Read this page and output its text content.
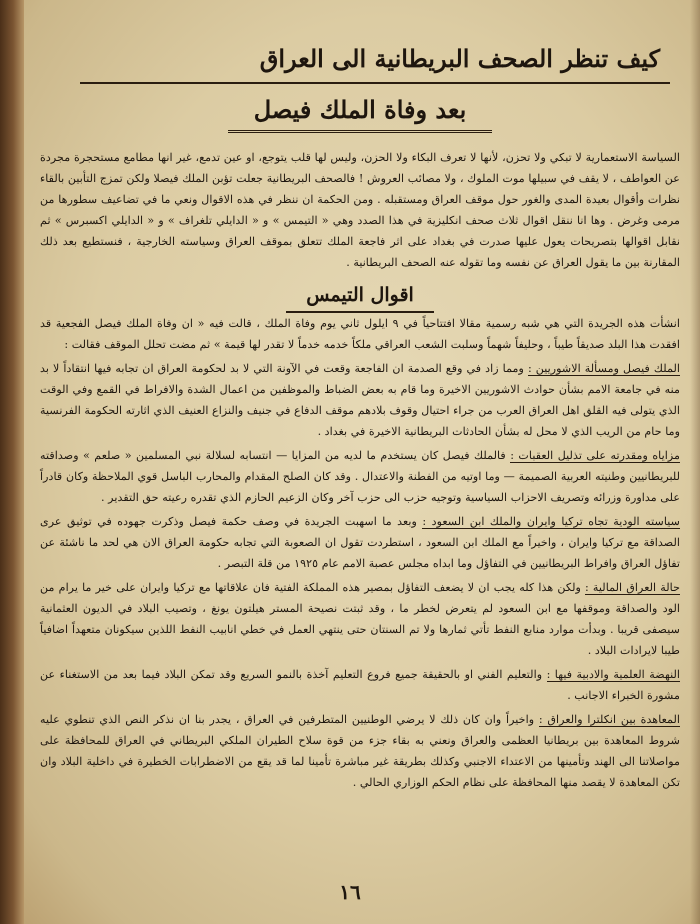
كيف تنظر الصحف البريطانية الى العراق
بعد وفاة الملك فيصل

السياسة الاستعمارية لا تبكي ولا تحزن، لأنها لا تعرف البكاء ولا الحزن، وليس لها قلب يتوجع، او عين تدمع، غير انها مطامع مستحجرة مجردة عن العواطف ، لا يقف في سبيلها موت الملوك ، ولا مصائب العروش ! فالصحف البريطانية جعلت تؤبن الملك فيصلا ولكن تمزج التأبين بالقاء نظرات وأقوال بعيدة المدى والغور حول موقف العراق ومستقبله . ومن الحكمة ان ننظر في هذه الاقوال ونعي ما في تضاعيف سطورها من مرمى وغرض . وها انا ننقل اقوال ثلاث صحف انكليزية في هذا الصدد وهي « التيمس » و « الدايلي تلغراف » و « الدايلي اكسبرس » ثم نقابل اقوالها بتصريحات يعول عليها صدرت في بغداد على اثر فاجعة الملك تتعلق بموقف العراق وسياسته الخارجية ، فنستطيع بعد ذلك المقارنة بين ما يقول العراق عن نفسه وما تقوله عنه الصحف البريطانية .

اقوال التيمس

انشأت هذه الجريدة التي هي شبه رسمية مقالا افتتاحياً في ٩ ايلول ثاني يوم وفاة الملك ، قالت فيه « ان وفاة الملك فيصل الفجعية قد افقدت هذا البلد صديقاً طيباً ، وحليفاً شهماً وسلبت الشعب العراقي ملكاً خدمه خدماً لا تقدر لها قيمة » ثم مضت تحلل الموقف فقالت :

الملك فيصل ومسألة الاشوريين : ومما زاد في وقع الصدمة ان الفاجعة وقعت في الآونة التي لا بد لحكومة العراق ان تجابه فيها انتقاداً لا بد منه في جامعة الامم بشأن حوادث الاشوريين الاخيرة وما قام به بعض الضباط والموظفين من اعمال الشدة والافراط في القمع وفي الوقت الذي يتولى فيه القلق اهل العراق العرب من جراء احتيال وقوف بلادهم موقف الدفاع في جنيف والنزاع العنيف الذي اثارته الحكومة الفرنسية وما حام من الريب الذي لا محل له بشأن الحادثات البريطانية الاخيرة في بغداد .

مزاياه ومقدرته على تذليل العقبات : فالملك فيصل كان يستخدم ما لديه من المزايا — انتسابه لسلالة نبي المسلمين « صلعم » وصداقته للبريطانيين وطنيته العربية الصميمة — وما اوتيه من الفطنة والاعتدال . وقد كان الصلح المقدام والمحارب الباسل قوي الملاحظة وكان قادراً على مداورة وزرائه وتصريف الاحزاب السياسية وتوجيه حزب الى حزب آخر وكان الزعيم الحازم الذي تقدره رعيته حق التقدير .

سياسته الودية تجاه تركيا وايران والملك ابن السعود : وبعد ما اسهبت الجريدة في وصف حكمة فيصل وذكرت جهوده في توثيق عرى الصداقة مع تركيا وايران ، واخيراً مع الملك ابن السعود ، استطردت تقول ان الصعوبة التي تجابه حكومة العراق الان هي لحد ما ناشئة عن تفاؤل العراق وافراط البريطانيين في التفاؤل وما ابداه مجلس عصبة الامم عام ١٩٢٥ من قلة التبصر .

حالة العراق المالية : ولكن هذا كله يجب ان لا يضعف التفاؤل بمصير هذه المملكة الفتية فان علاقاتها مع تركيا وايران على خير ما يرام من الود والصداقة وموقفها مع ابن السعود لم يتعرض لخطر ما ، وقد ثبتت نصيحة المستر هيلتون يونغ ، وتصيب البلاد في الديون العثمانية سيصفى قريبا . وبدأت موارد منابع النفط تأتي ثمارها ولا تم السنتان حتى ينتهي العمل في خطي انابيب النفط اللذين سيكونان متعهداً اضافياً طيبا لايرادات البلاد .

النهضة العلمية والادبية فيها : والتعليم الفني او بالحقيقة جميع فروع التعليم آخذة بالنمو السريع وقد تمكن البلاد فيما بعد من الاستغناء عن مشورة الخبراء الاجانب .

المعاهدة بين انكلترا والعراق : واخيراً وان كان ذلك لا يرضي الوطنيين المتطرفين في العراق ، يجدر بنا ان نذكر النص الذي تنطوي عليه شروط المعاهدة بين بريطانيا العظمى والعراق ونعني به بقاء جزء من قوة سلاح الطيران الملكي البريطاني في العراق للمحافظة على مواصلاتنا الى الهند وتأمينها من الاعتداء الاجنبي وكذلك بطريقة غير مباشرة تأمينا لما قد يقع من الاضطرابات الخطيرة في داخلية البلاد وان تكن المعاهدة لا يقصد منها المحافظة على نظام الحكم الوزاري الحالي .

١٦
